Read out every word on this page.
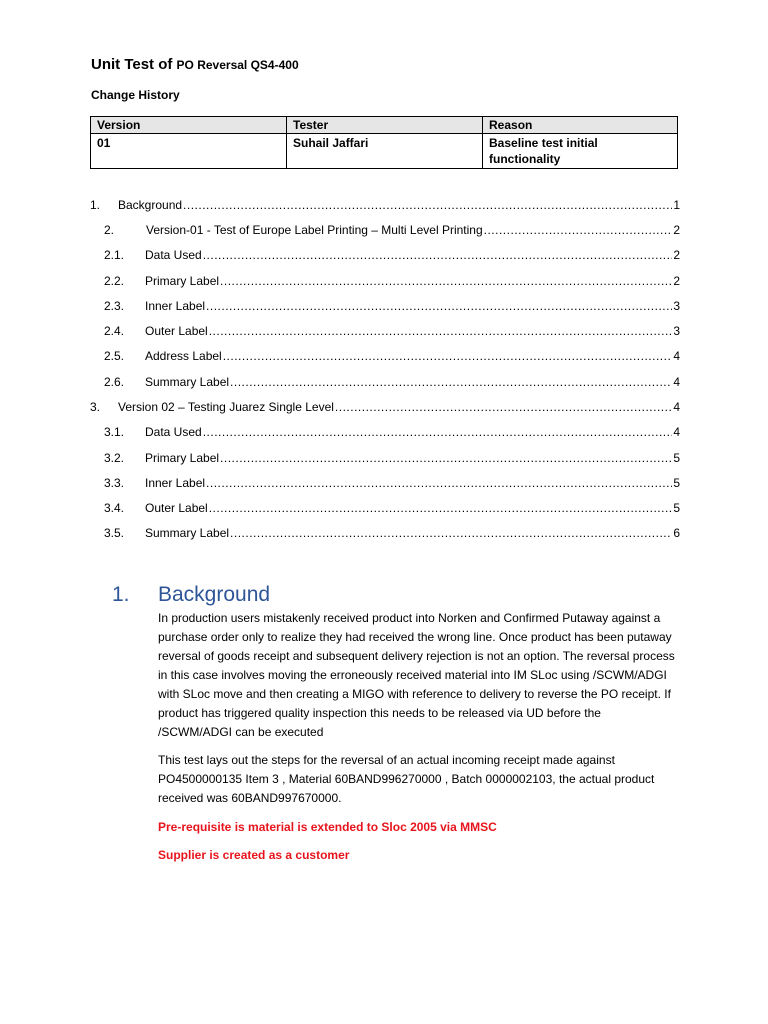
Unit Test of PO Reversal QS4-400
Change History
Version	Tester	Reason
01	Suhail Jaffari	Baseline test initial functionality
1.	Background .....	1
2.	Version-01 - Test of Europe Label Printing – Multi Level Printing .....	2
2.1.	Data Used .....	2
2.2.	Primary Label .....	2
2.3.	Inner Label .....	3
2.4.	Outer Label .....	3
2.5.	Address Label .....	4
2.6.	Summary Label .....	4
3.	Version 02 – Testing Juarez Single Level .....	4
3.1.	Data Used .....	4
3.2.	Primary Label .....	5
3.3.	Inner Label .....	5
3.4.	Outer Label .....	5
3.5.	Summary Label .....	6
1. Background
In production users mistakenly received product into Norken and Confirmed Putaway against a purchase order only to realize they had received the wrong line. Once product has been putaway reversal of goods receipt and subsequent delivery rejection is not an option. The reversal process in this case involves moving the erroneously received material into IM SLoc using /SCWM/ADGI with SLoc move and then creating a MIGO with reference to delivery to reverse the PO receipt. If product has triggered quality inspection this needs to be released via UD before the /SCWM/ADGI can be executed
This test lays out the steps for the reversal of an actual incoming receipt made against PO4500000135 Item 3 , Material 60BAND996270000 , Batch 0000002103, the actual product received was 60BAND997670000.
Pre-requisite is material is extended to Sloc 2005 via MMSC
Supplier is created as a customer
